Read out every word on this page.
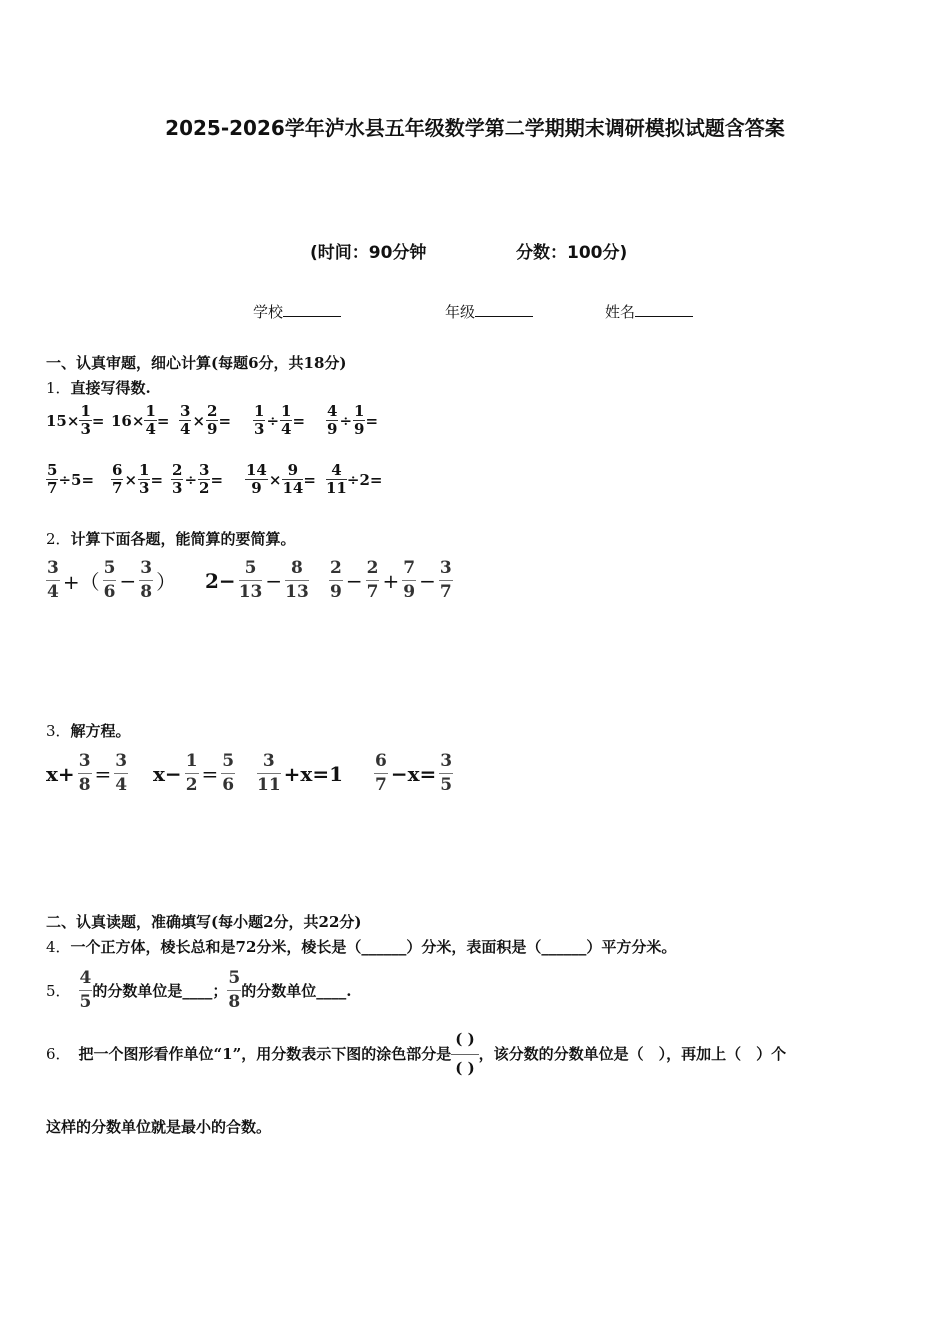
2025-2026学年泸水县五年级数学第二学期期末调研模拟试题含答案
(时间：90分钟	分数：100分)
学校	年级	姓名
一、认真审题，细心计算(每题6分，共18分)
1．直接写得数.
$15\times \frac{1}{3} = 16\times \frac{1}{4} = \frac{3}{4} \times \frac{2}{9} = \frac{1}{3} \div \frac{1}{4} = \frac{4}{9} \div \frac{1}{9}$ =
$\frac{5}{7} \div 5= \frac{6}{7} \times \frac{1}{3} = \frac{2}{3} \div \frac{3}{2} = \frac{14}{9} \times \frac{9}{14} = \frac{4}{11} \div 2=$
2．计算下面各题，能简算的要简算。
$\frac{3}{4}$ +（ $\frac{5}{6} - \frac{3}{8}$ ） $2- \frac{5}{13} - \frac{8}{13} \frac{2}{9} - \frac{2}{7} + \frac{7}{9} - \frac{3}{7}$
3．解方程。
$x+ \frac{3}{8} = \frac{3}{4} x- \frac{1}{2} = \frac{5}{6} \frac{3}{11} +x=1 \frac{6}{7} -x= \frac{3}{5}$
二、认真读题，准确填写(每小题2分，共22分)
4．一个正方体，棱长总和是72分米，棱长是（______）分米，表面积是（______）平方分米。
5． $\frac{4}{5}$ 的分数单位是____； $\frac{5}{8}$ 的分数单位____.
6． 把一个图形看作单位“1”，用分数表示下图的涂色部分是 $\frac{( )}{( )}$ ，该分数的分数单位是（　），再加上（　）个
这样的分数单位就是最小的合数。
